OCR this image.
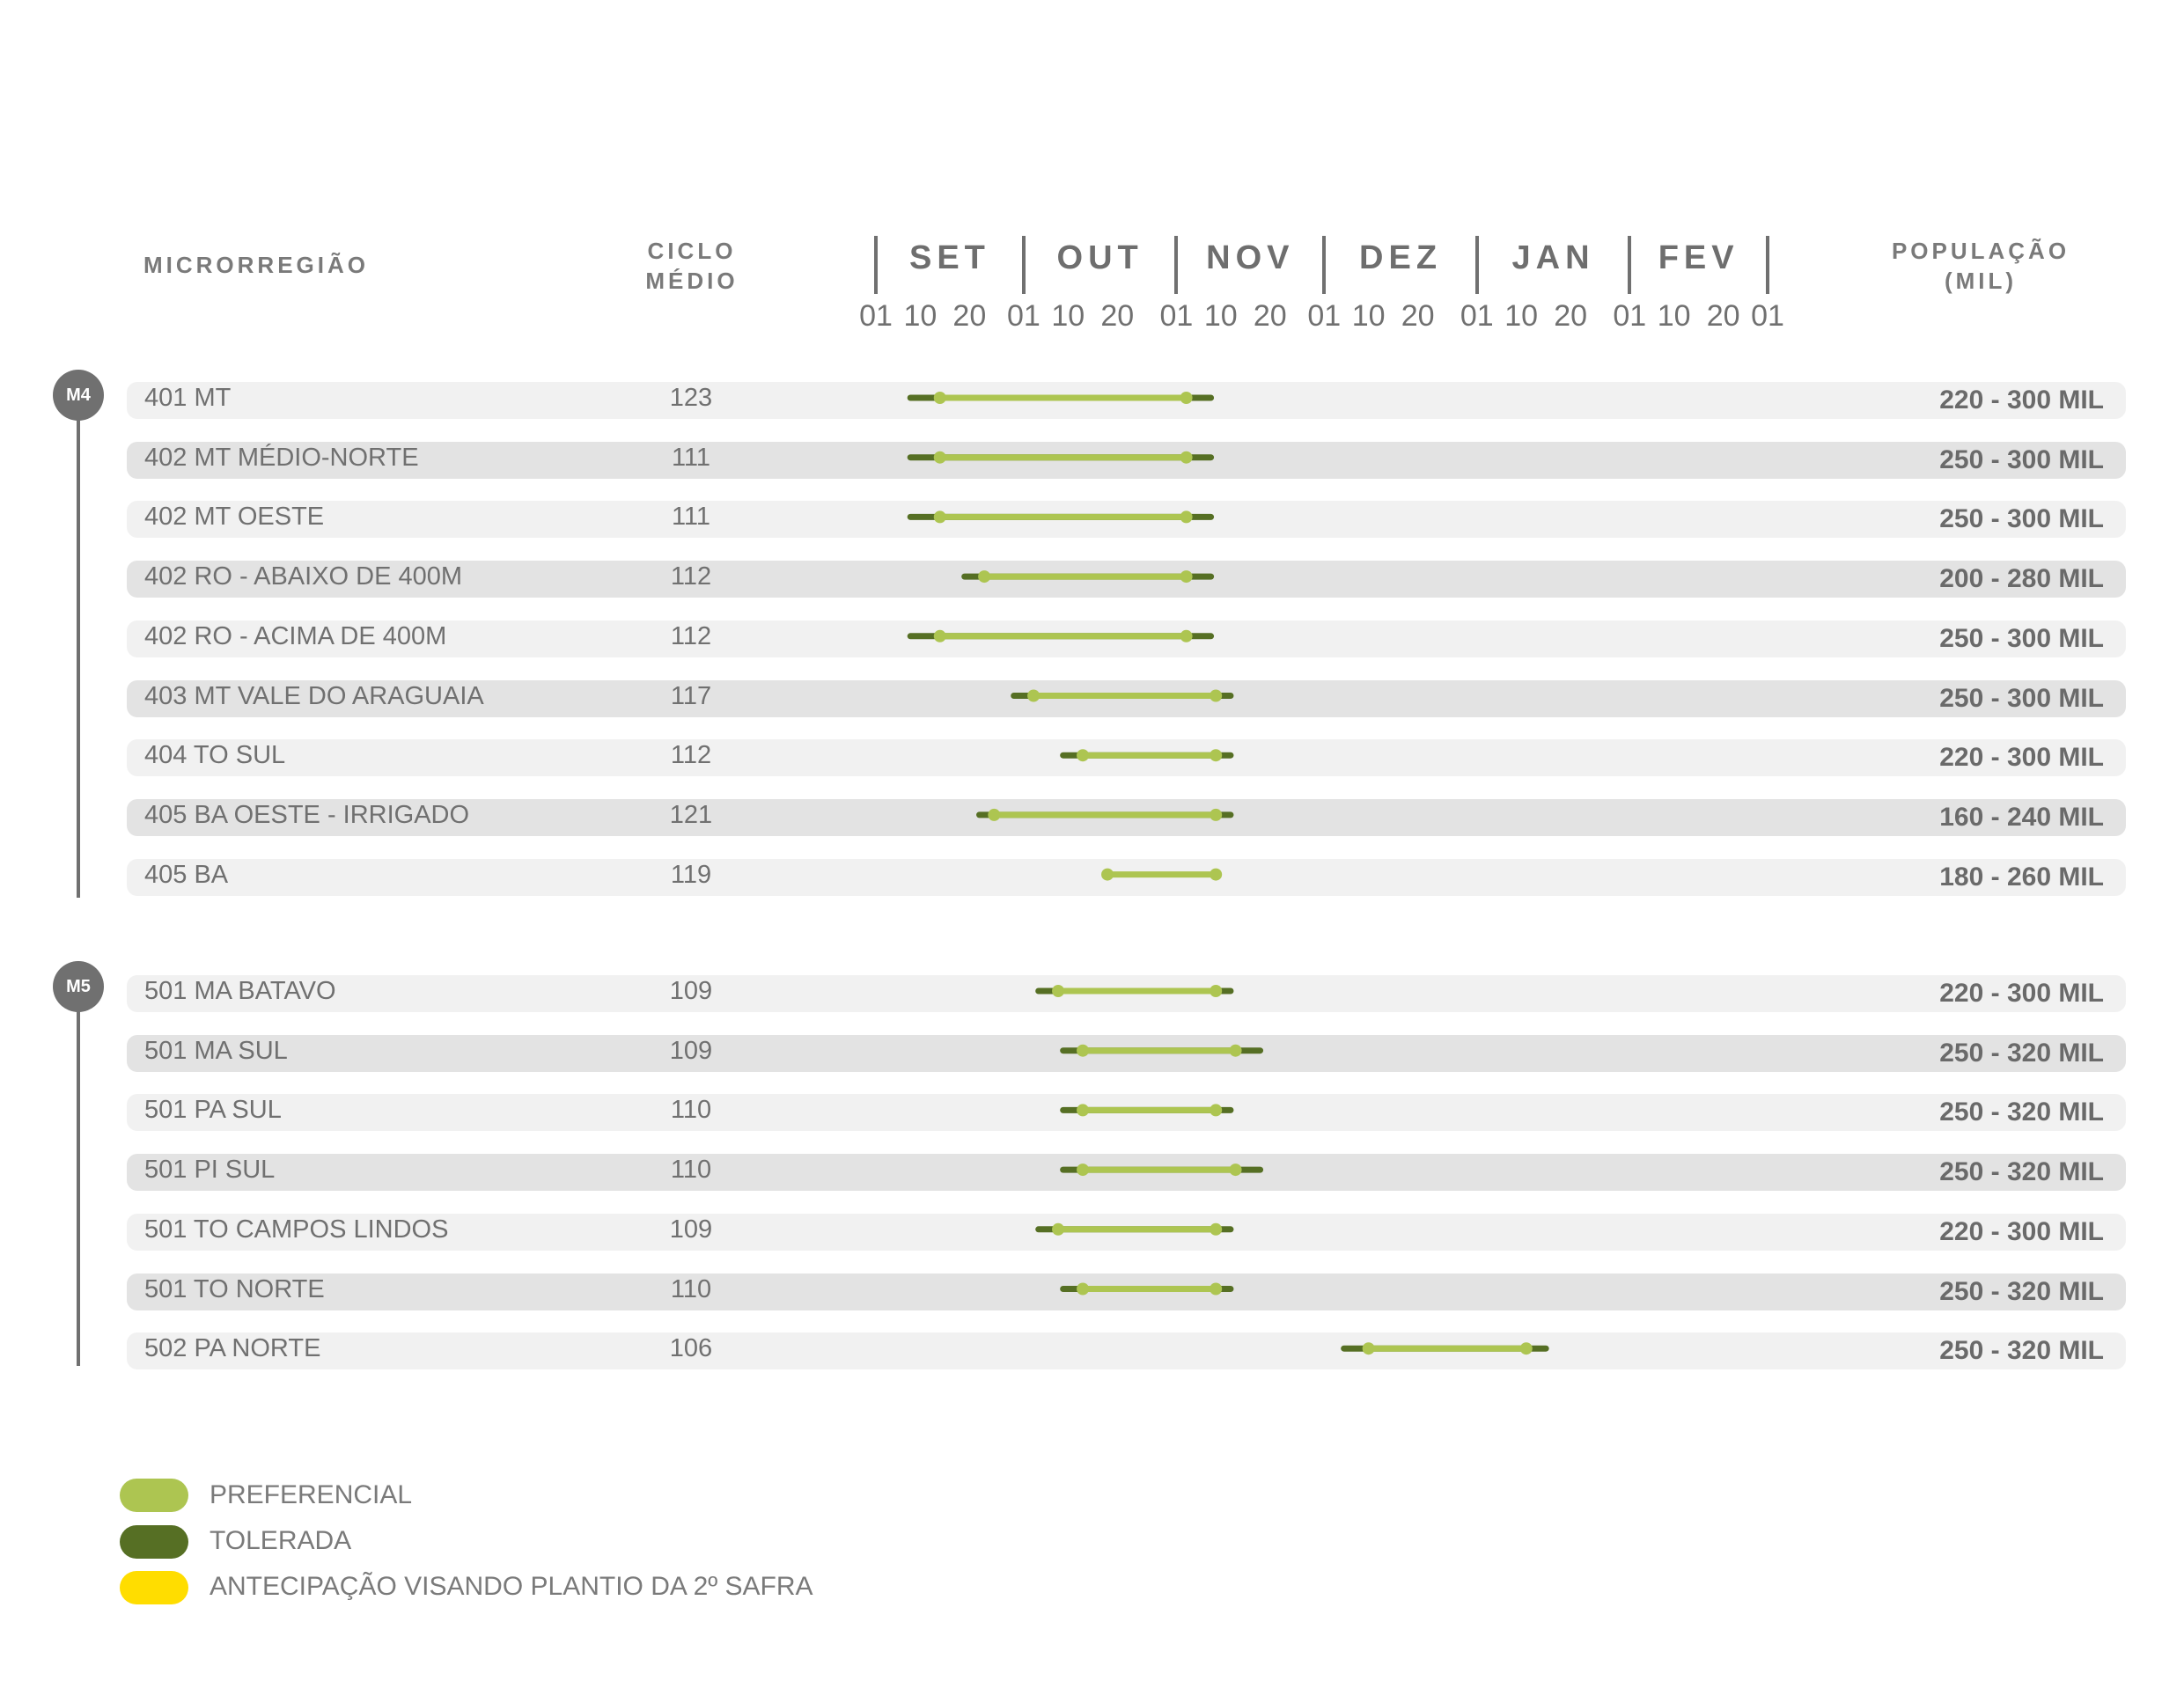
MICRORREGIÃO
CICLO
MÉDIO
POPULAÇÃO
(MIL)
SET	OUT	NOV	DEZ	JAN	FEV
01 10 20 01 10 20 01 10 20 01 10 20 01 10 20 01 10 20 01
M4
M5
401 MT	123	220 - 300 MIL
402 MT MÉDIO-NORTE	111	250 - 300 MIL
402 MT OESTE	111	250 - 300 MIL
402 RO - ABAIXO DE 400M	112	200 - 280 MIL
402 RO - ACIMA DE 400M	112	250 - 300 MIL
403 MT VALE DO ARAGUAIA	117	250 - 300 MIL
404 TO SUL	112	220 - 300 MIL
405 BA OESTE - IRRIGADO	121	160 - 240 MIL
405 BA	119	180 - 260 MIL
501 MA BATAVO	109	220 - 300 MIL
501 MA SUL	109	250 - 320 MIL
501 PA SUL	110	250 - 320 MIL
501 PI SUL	110	250 - 320 MIL
501 TO CAMPOS LINDOS	109	220 - 300 MIL
501 TO NORTE	110	250 - 320 MIL
502 PA NORTE	106	250 - 320 MIL
PREFERENCIAL
TOLERADA
ANTECIPAÇÃO VISANDO PLANTIO DA 2º SAFRA
